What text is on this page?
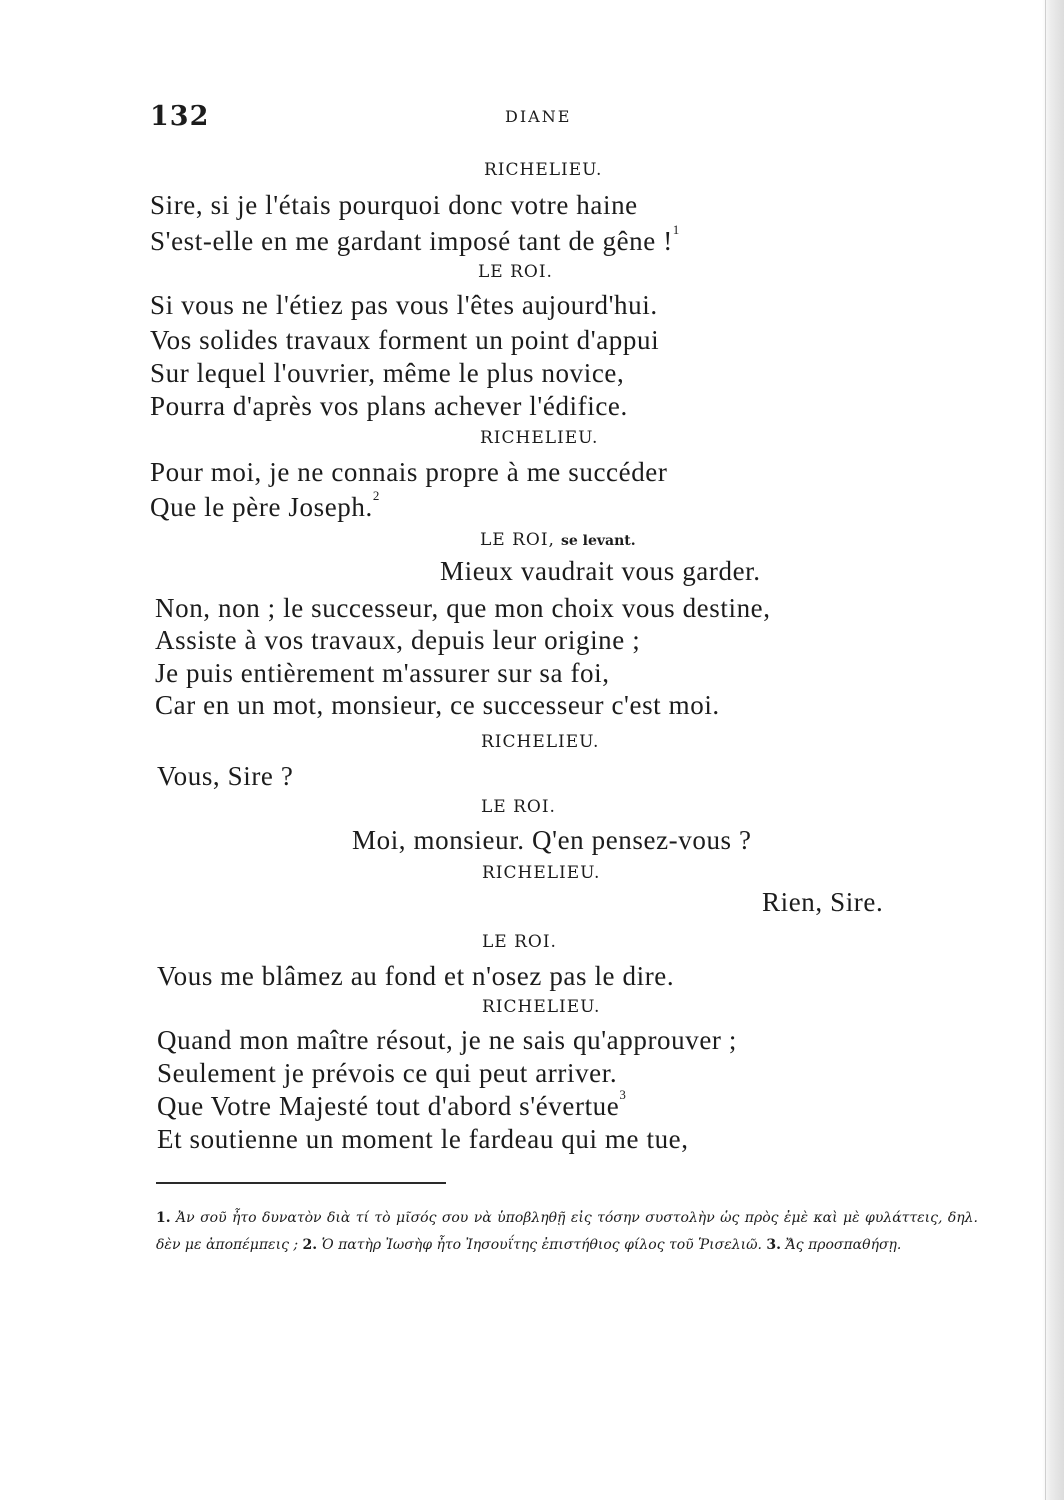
132	DIANE
RICHELIEU.
Sire, si je l'étais pourquoi donc votre haine
S'est-elle en me gardant imposé tant de gêne !$^1$
LE ROI.
Si vous ne l'étiez pas vous l'êtes aujourd'hui.
Vos solides travaux forment un point d'appui
Sur lequel l'ouvrier, même le plus novice,
Pourra d'après vos plans achever l'édifice.
RICHELIEU.
Pour moi, je ne connais propre à me succéder
Que le père Joseph.$^2$
LE ROI, se levant.
Mieux vaudrait vous garder.
Non, non ; le successeur, que mon choix vous destine,
Assiste à vos travaux, depuis leur origine ;
Je puis entièrement m'assurer sur sa foi,
Car en un mot, monsieur, ce successeur c'est moi.
RICHELIEU.
Vous, Sire ?
LE ROI.
Moi, monsieur. Q'en pensez-vous ?
RICHELIEU.
Rien, Sire.
LE ROI.
Vous me blâmez au fond et n'osez pas le dire.
RICHELIEU.
Quand mon maître résout, je ne sais qu'approuver ;
Seulement je prévois ce qui peut arriver.
Que Votre Majesté tout d'abord s'évertue$^3$
Et soutienne un moment le fardeau qui me tue,
1. Ἀν σοῦ ἦτο δυνατὸν διὰ τί τὸ μῖσός σου νὰ ὑποβληθῇ εἰς τόσην συστολὴν ὡς πρὸς ἐμὲ καὶ μὲ φυλάττεις, δηλ. δὲν με ἀποπέμπεις ; 2. Ὁ πατὴρ Ἰωσὴφ ἦτο Ἰησουΐτης ἐπιστήθιος φίλος τοῦ Ῥισελιῶ. 3. Ἄς προσπαθήσῃ.
